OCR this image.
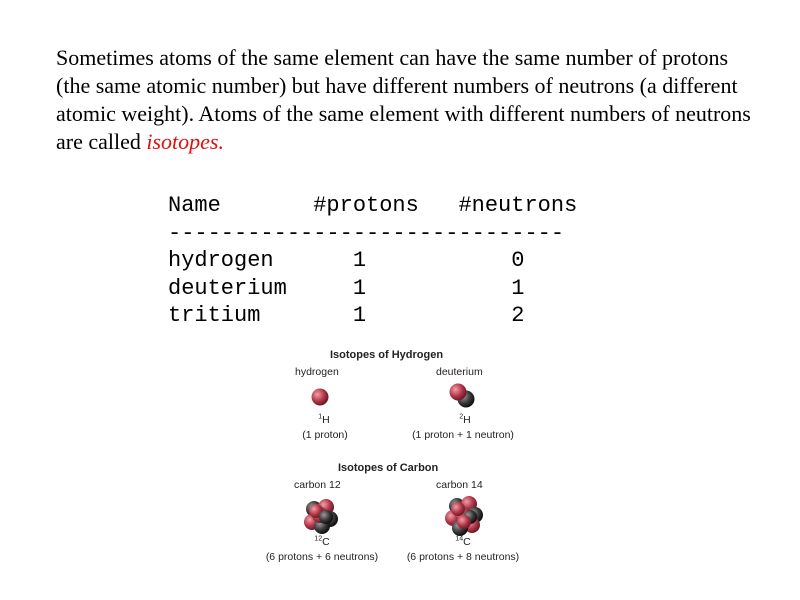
Sometimes atoms of the same element can have the same number of protons (the same atomic number) but have different numbers of neutrons (a different atomic weight). Atoms of the same element with different numbers of neutrons are called isotopes.
Name       #protons   #neutrons
------------------------------
hydrogen      1           0
deuterium     1           1
tritium       1           2
Isotopes of Hydrogen
hydrogen	deuterium
$^1$H
(1 proton)
$^2$H
(1 proton + 1 neutron)
Isotopes of Carbon
carbon 12	carbon 14
$^{12}$C
(6 protons + 6 neutrons)
$^{14}$C
(6 protons + 8 neutrons)
